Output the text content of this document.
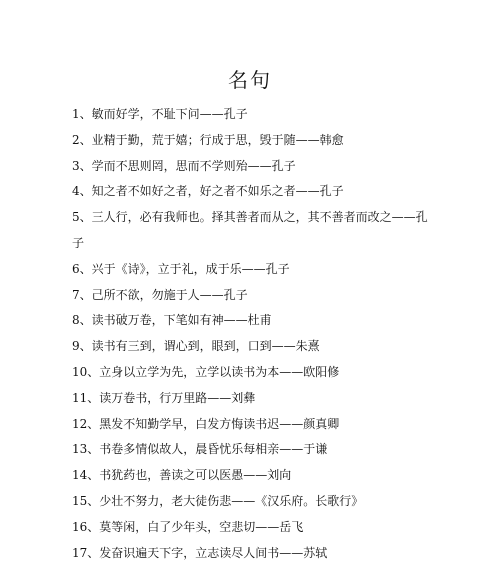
名句
1、敏而好学，不耻下问——孔子
2、业精于勤，荒于嬉；行成于思，毁于随——韩愈
3、学而不思则罔，思而不学则殆——孔子
4、知之者不如好之者，好之者不如乐之者——孔子
5、三人行，必有我师也。择其善者而从之，其不善者而改之——孔子
6、兴于《诗》，立于礼，成于乐——孔子
7、己所不欲，勿施于人——孔子
8、读书破万卷，下笔如有神——杜甫
9、读书有三到，谓心到，眼到，口到——朱熹
10、立身以立学为先，立学以读书为本——欧阳修
11、读万卷书，行万里路——刘彝
12、黑发不知勤学早，白发方悔读书迟——颜真卿
13、书卷多情似故人，晨昏忧乐每相亲——于谦
14、书犹药也，善读之可以医愚——刘向
15、少壮不努力，老大徒伤悲——《汉乐府。长歌行》
16、莫等闲，白了少年头，空悲切——岳飞
17、发奋识遍天下字，立志读尽人间书——苏轼
